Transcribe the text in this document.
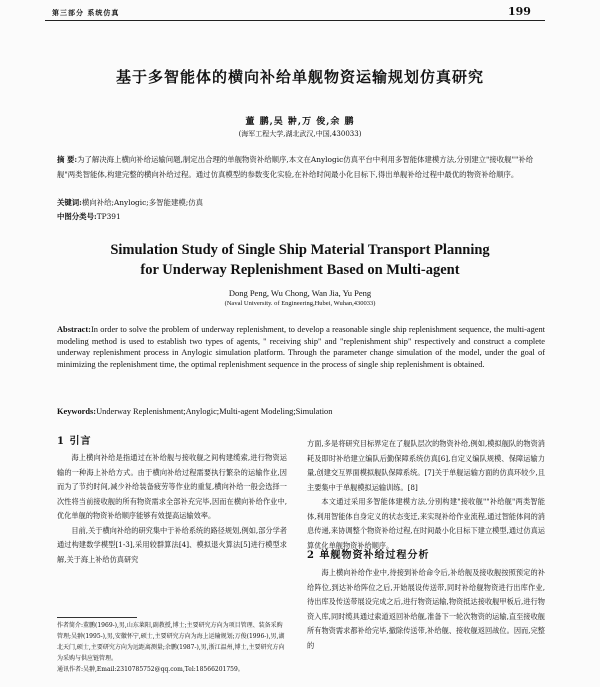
第三部分 系统仿真	199
基于多智能体的横向补给单舰物资运输规划仿真研究
董 鹏,吴 翀,万 俊,余 鹏
(海军工程大学,湖北武汉,中国,430033)
摘 要:为了解决海上横向补给运输问题,制定出合理的单舰物资补给顺序,本文在Anylogic仿真平台中利用多智能体建模方法,分别建立"接收舰""补给舰"两类智能体,构建完整的横向补给过程。通过仿真模型的参数变化实验,在补给时间最小化目标下,得出单舰补给过程中最优的物资补给顺序。
关键词:横向补给;Anylogic;多智能建模;仿真
中图分类号:TP391
Simulation Study of Single Ship Material Transport Planning
for Underway Replenishment Based on Multi-agent
Dong Peng, Wu Chong, Wan Jia, Yu Peng
(Naval University. of Engineering,Hubei, Wuhan,430033)
Abstract:In order to solve the problem of underway replenishment, to develop a reasonable single ship replenishment sequence, the multi-agent modeling method is used to establish two types of agents, " receiving ship" and "replenishment ship" respectively and construct a complete underway replenishment process in Anylogic simulation platform. Through the parameter change simulation of the model, under the goal of minimizing the replenishment time, the optimal replenishment sequence in the process of single ship replenishment is obtained.
Keywords:Underway Replenishment;Anylogic;Multi-agent Modeling;Simulation
1 引言

海上横向补给是指通过在补给舰与接收舰之间构建缆索,进行物资运输的一种海上补给方式。由于横向补给过程需要执行繁杂的运输作业,因而为了节约时间,减少补给装备疲劳等作业的重复,横向补给一般会选择一次性将当前接收舰的所有物资需求全部补充完毕,因而在横向补给作业中,优化单舰的物资补给顺序能够有效提高运输效率。

目前,关于横向补给的研究集中于补给系统的路径规划,例如,部分学者通过构建数学模型[1-3],采用较群算法[4]、模拟退火算法[5]进行模型求解,关于海上补给仿真研究

方面,多是将研究目标界定在了舰队层次的物资补给,例如,模拟舰队的物资消耗及即时补给建立编队后勤保障系统仿真[6],自定义编队规模、保障运输力量,创建交互界面模拟舰队保障系统。[7]关于单舰运输方面的仿真环较少,且主要集中于单舰模拟运输训练。[8]

本文通过采用多智能体建模方法,分别构建"接收舰""补给舰"两类智能体,利用智能体自身定义的状态变迁,来实现补给作业流程,通过智能体间的消息传递,来协调整个物资补给过程,在时间最小化目标下建立模型,通过仿真运算优化单舰物资补给顺序。

2 单舰物资补给过程分析

海上横向补给作业中,待接到补给命令后,补给舰及接收舰按照预定的补给阵位,到达补给阵位之后,开始展设传送带,同时补给舰物资进行出库作业,待出库及传送带展设完成之后,进行物资运输,物资抵达接收舰甲板后,进行物资入库,同时缆具通过索道返回补给舰,准备下一轮次物资的运输,直至接收舰所有物资需求都补给完毕,撤除传送带,补给舰、接收舰返回战位。因而,完整的

作者简介:董鹏(1969-),男,山东莱阳,副教授,博士;主要研究方向为项目管理、装备采购管理;吴翀(1995-),男,安徽怀宁,硕士,主要研究方向为海上运输规划;万俊(1996-),男,湖北天门,硕士,主要研究方向为远距离测量;余鹏(1987-),男,浙江温州,博士,主要研究方向为采购与供应链管理。
通讯作者:吴翀,Email:2310785752@qq.com,Tel:18566201759。
